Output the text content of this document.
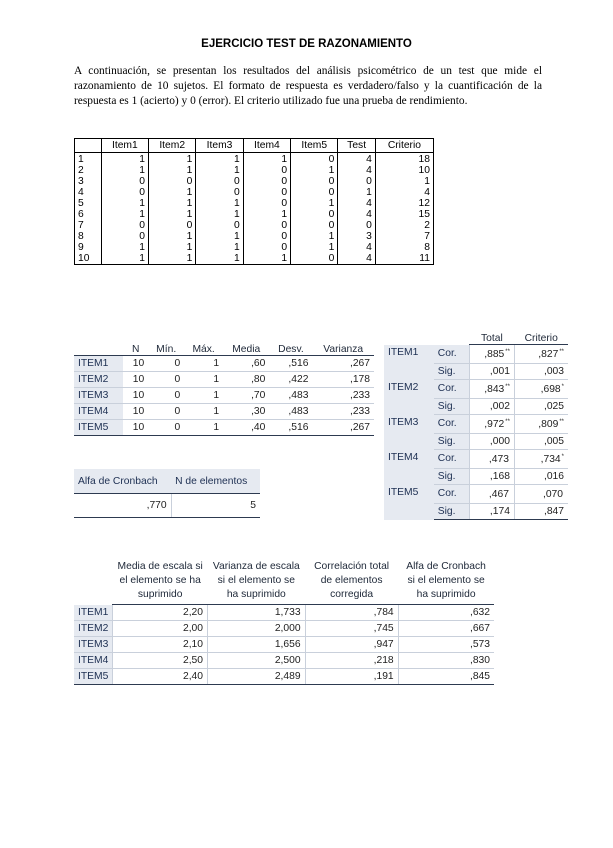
EJERCICIO TEST DE RAZONAMIENTO
A continuación, se presentan los resultados del análisis psicométrico de un test que mide el razonamiento de 10 sujetos. El formato de respuesta es verdadero/falso y la cuantificación de la respuesta es 1 (acierto) y 0 (error). El criterio utilizado fue una prueba de rendimiento.
	Item1	Item2	Item3	Item4	Item5	Test	Criterio
1	1	1	1	1	0	4	18
2	1	1	1	0	1	4	10
3	0	0	0	0	0	0	1
4	0	1	0	0	0	1	4
5	1	1	1	0	1	4	12
6	1	1	1	1	0	4	15
7	0	0	0	0	0	0	2
8	0	1	1	0	1	3	7
9	1	1	1	0	1	4	8
10	1	1	1	1	0	4	11
	N	Mín.	Máx.	Media	Desv.	Varianza
ITEM1	10	0	1	,60	,516	,267
ITEM2	10	0	1	,80	,422	,178
ITEM3	10	0	1	,70	,483	,233
ITEM4	10	0	1	,30	,483	,233
ITEM5	10	0	1	,40	,516	,267
		Total	Criterio
ITEM1	Cor.	,885**	,827**
	Sig.	,001	,003
ITEM2	Cor.	,843**	,698*
	Sig.	,002	,025
ITEM3	Cor.	,972**	,809**
	Sig.	,000	,005
ITEM4	Cor.	,473	,734*
	Sig.	,168	,016
ITEM5	Cor.	,467	,070
	Sig.	,174	,847
Alfa de Cronbach	N de elementos
,770	5
	Media de escala si el elemento se ha suprimido	Varianza de escala si el elemento se ha suprimido	Correlación total de elementos corregida	Alfa de Cronbach si el elemento se ha suprimido
ITEM1	2,20	1,733	,784	,632
ITEM2	2,00	2,000	,745	,667
ITEM3	2,10	1,656	,947	,573
ITEM4	2,50	2,500	,218	,830
ITEM5	2,40	2,489	,191	,845
